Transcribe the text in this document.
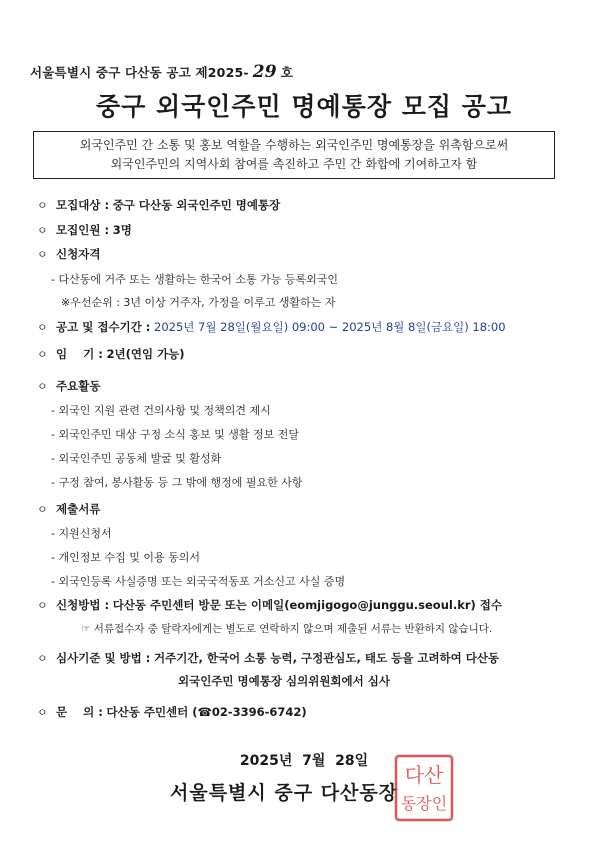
서울특별시 중구 다산동 공고 제2025- 29 호
중구 외국인주민 명예통장 모집 공고
외국인주민 간 소통 및 홍보 역할을 수행하는 외국인주민 명예통장을 위촉함으로써
외국인주민의 지역사회 참여를 촉진하고 주민 간 화합에 기여하고자 함
ㅇ 모집대상 : 중구 다산동 외국인주민 명예통장
ㅇ 모집인원 : 3명
ㅇ 신청자격
- 다산동에 거주 또는 생활하는 한국어 소통 가능 등록외국인
※우선순위 : 3년 이상 거주자, 가정을 이루고 생활하는 자
ㅇ 공고 및 접수기간 : 2025년 7월 28일(월요일) 09:00 ~ 2025년 8월 8일(금요일) 18:00
ㅇ 임    기 : 2년(연임 가능)
ㅇ 주요활동
- 외국인 지원 관련 건의사항 및 정책의견 제시
- 외국인주민 대상 구정 소식 홍보 및 생활 정보 전달
- 외국인주민 공동체 발굴 및 활성화
- 구정 참여, 봉사활동 등 그 밖에 행정에 필요한 사항
ㅇ 제출서류
- 지원신청서
- 개인정보 수집 및 이용 동의서
- 외국인등록 사실증명 또는 외국국적동포 거소신고 사실 증명
ㅇ 신청방법 : 다산동 주민센터 방문 또는 이메일(eomjigogo@junggu.seoul.kr) 접수
☞ 서류접수자 중 탈락자에게는 별도로 연락하지 않으며 제출된 서류는 반환하지 않습니다.
ㅇ 심사기준 및 방법 : 거주기간, 한국어 소통 능력, 구정관심도, 태도 등을 고려하여 다산동
외국인주민 명예통장 심의위원회에서 심사
ㅇ 문    의 : 다산동 주민센터 (☎02-3396-6742)
2025년  7월  28일
서울특별시 중구 다산동장
다산
동장인
